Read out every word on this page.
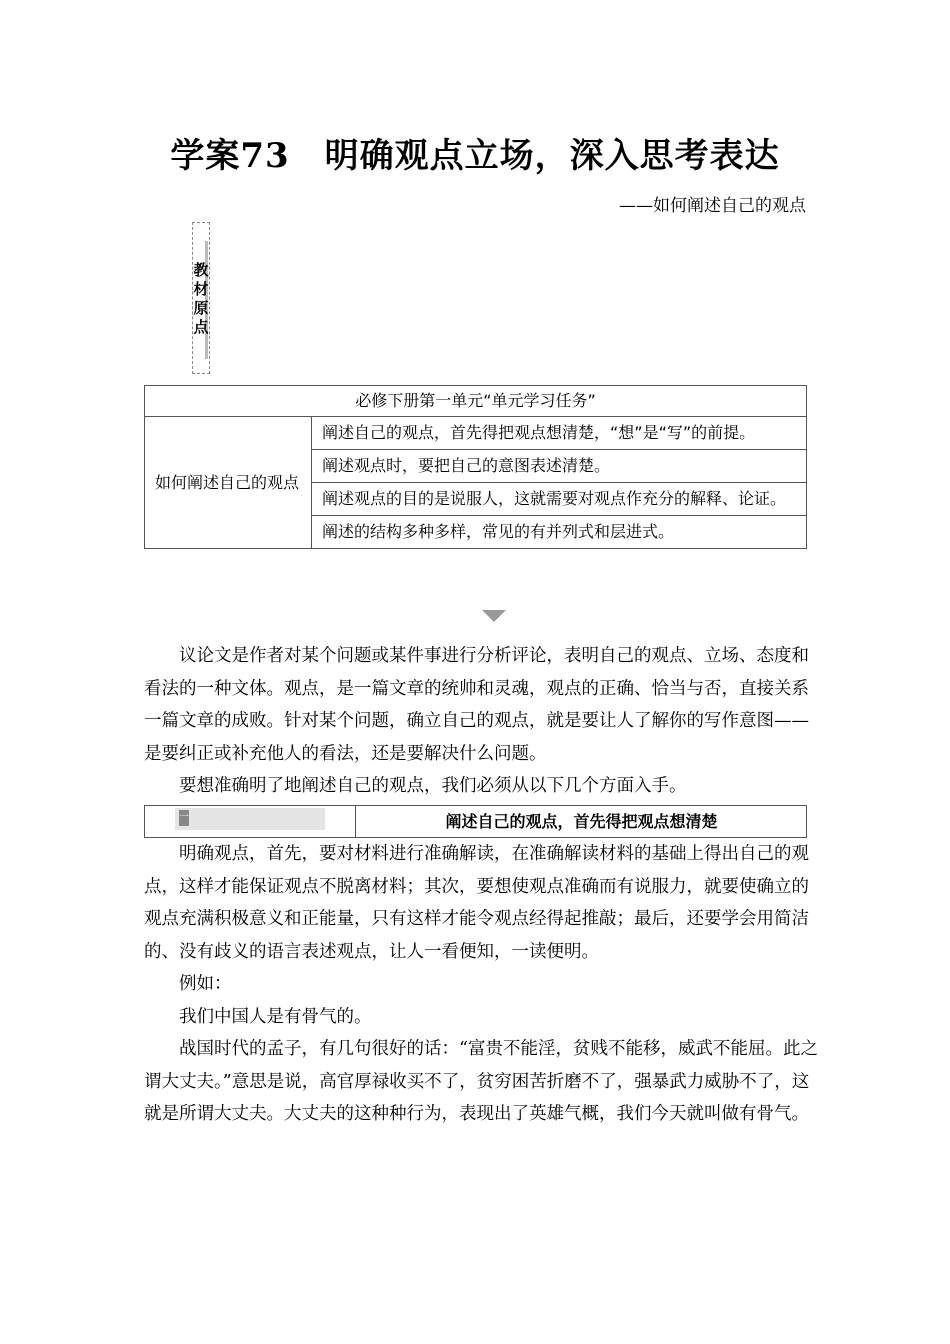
学案73　明确观点立场，深入思考表达
——如何阐述自己的观点
教材原点
必修下册第一单元“单元学习任务”
如何阐述自己的观点	阐述自己的观点，首先得把观点想清楚，“想”是“写”的前提。
阐述观点时，要把自己的意图表述清楚。
阐述观点的目的是说服人，这就需要对观点作充分的解释、论证。
阐述的结构多种多样，常见的有并列式和层进式。

议论文是作者对某个问题或某件事进行分析评论，表明自己的观点、立场、态度和看法的一种文体。观点，是一篇文章的统帅和灵魂，观点的正确、恰当与否，直接关系一篇文章的成败。针对某个问题，确立自己的观点，就是要让人了解你的写作意图——是要纠正或补充他人的看法，还是要解决什么问题。

要想准确明了地阐述自己的观点，我们必须从以下几个方面入手。

一	阐述自己的观点，首先得把观点想清楚

明确观点，首先，要对材料进行准确解读，在准确解读材料的基础上得出自己的观点，这样才能保证观点不脱离材料；其次，要想使观点准确而有说服力，就要使确立的观点充满积极意义和正能量，只有这样才能令观点经得起推敲；最后，还要学会用简洁的、没有歧义的语言表述观点，让人一看便知，一读便明。

例如：

我们中国人是有骨气的。

战国时代的孟子，有几句很好的话：“富贵不能淫，贫贱不能移，威武不能屈。此之谓大丈夫。”意思是说，高官厚禄收买不了，贫穷困苦折磨不了，强暴武力威胁不了，这就是所谓大丈夫。大丈夫的这种种行为，表现出了英雄气概，我们今天就叫做有骨气。
